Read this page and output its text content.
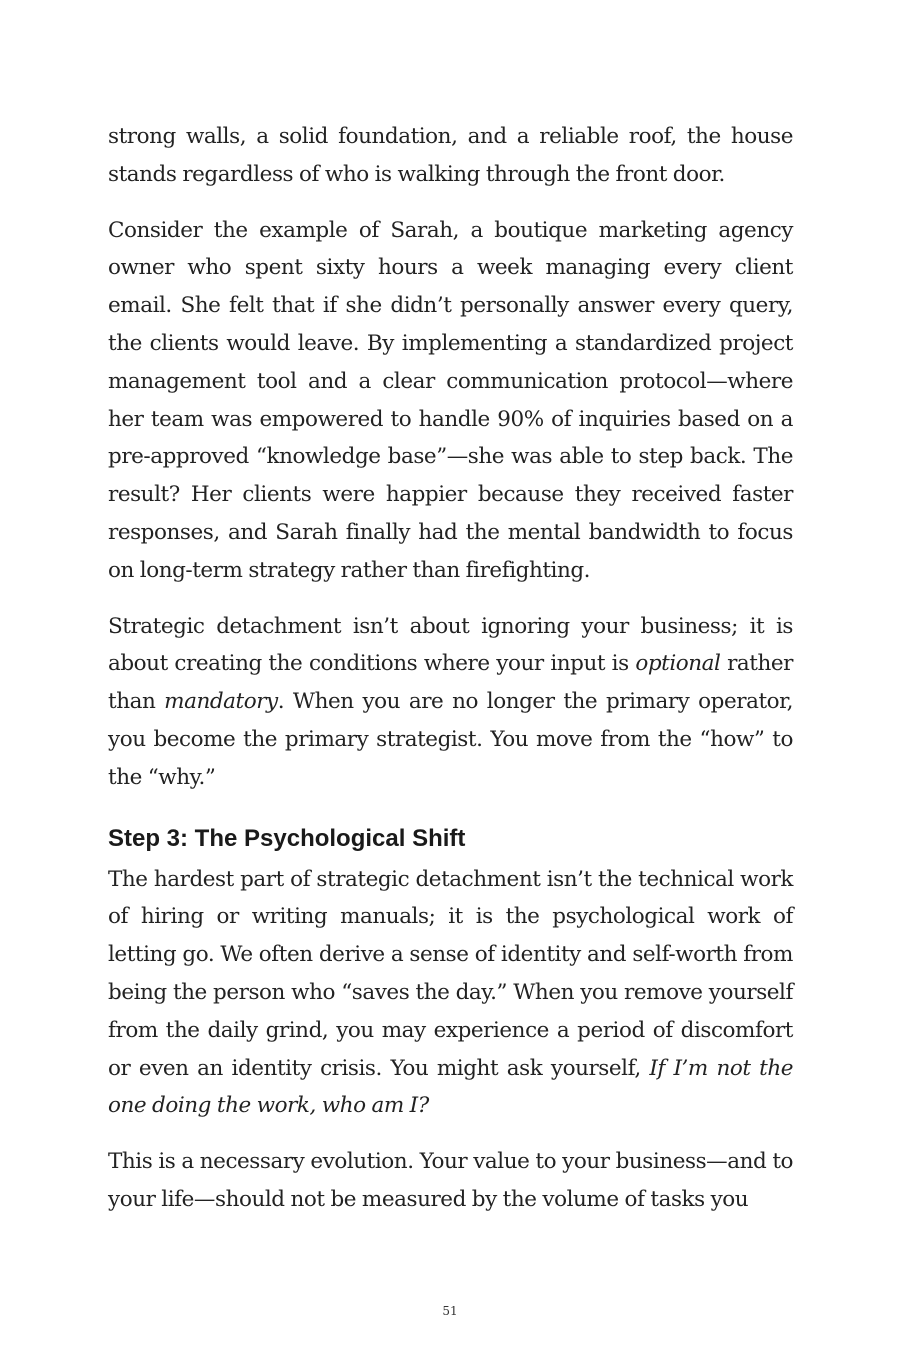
strong walls, a solid foundation, and a reliable roof, the house stands regardless of who is walking through the front door.

Consider the example of Sarah, a boutique marketing agency owner who spent sixty hours a week managing every client email. She felt that if she didn’t personally answer every query, the clients would leave. By implementing a standardized project management tool and a clear communication protocol—where her team was empowered to handle 90% of inquiries based on a pre-approved “knowledge base”—she was able to step back. The result? Her clients were happier because they received faster responses, and Sarah finally had the mental bandwidth to focus on long-term strategy rather than firefighting.

Strategic detachment isn’t about ignoring your business; it is about creating the conditions where your input is optional rather than mandatory. When you are no longer the primary operator, you become the primary strategist. You move from the “how” to the “why.”

Step 3: The Psychological Shift

The hardest part of strategic detachment isn’t the technical work of hiring or writing manuals; it is the psychological work of letting go. We often derive a sense of identity and self-worth from being the person who “saves the day.” When you remove yourself from the daily grind, you may experience a period of discomfort or even an identity crisis. You might ask yourself, If I’m not the one doing the work, who am I?

This is a necessary evolution. Your value to your business—and to your life—should not be measured by the volume of tasks you

51
